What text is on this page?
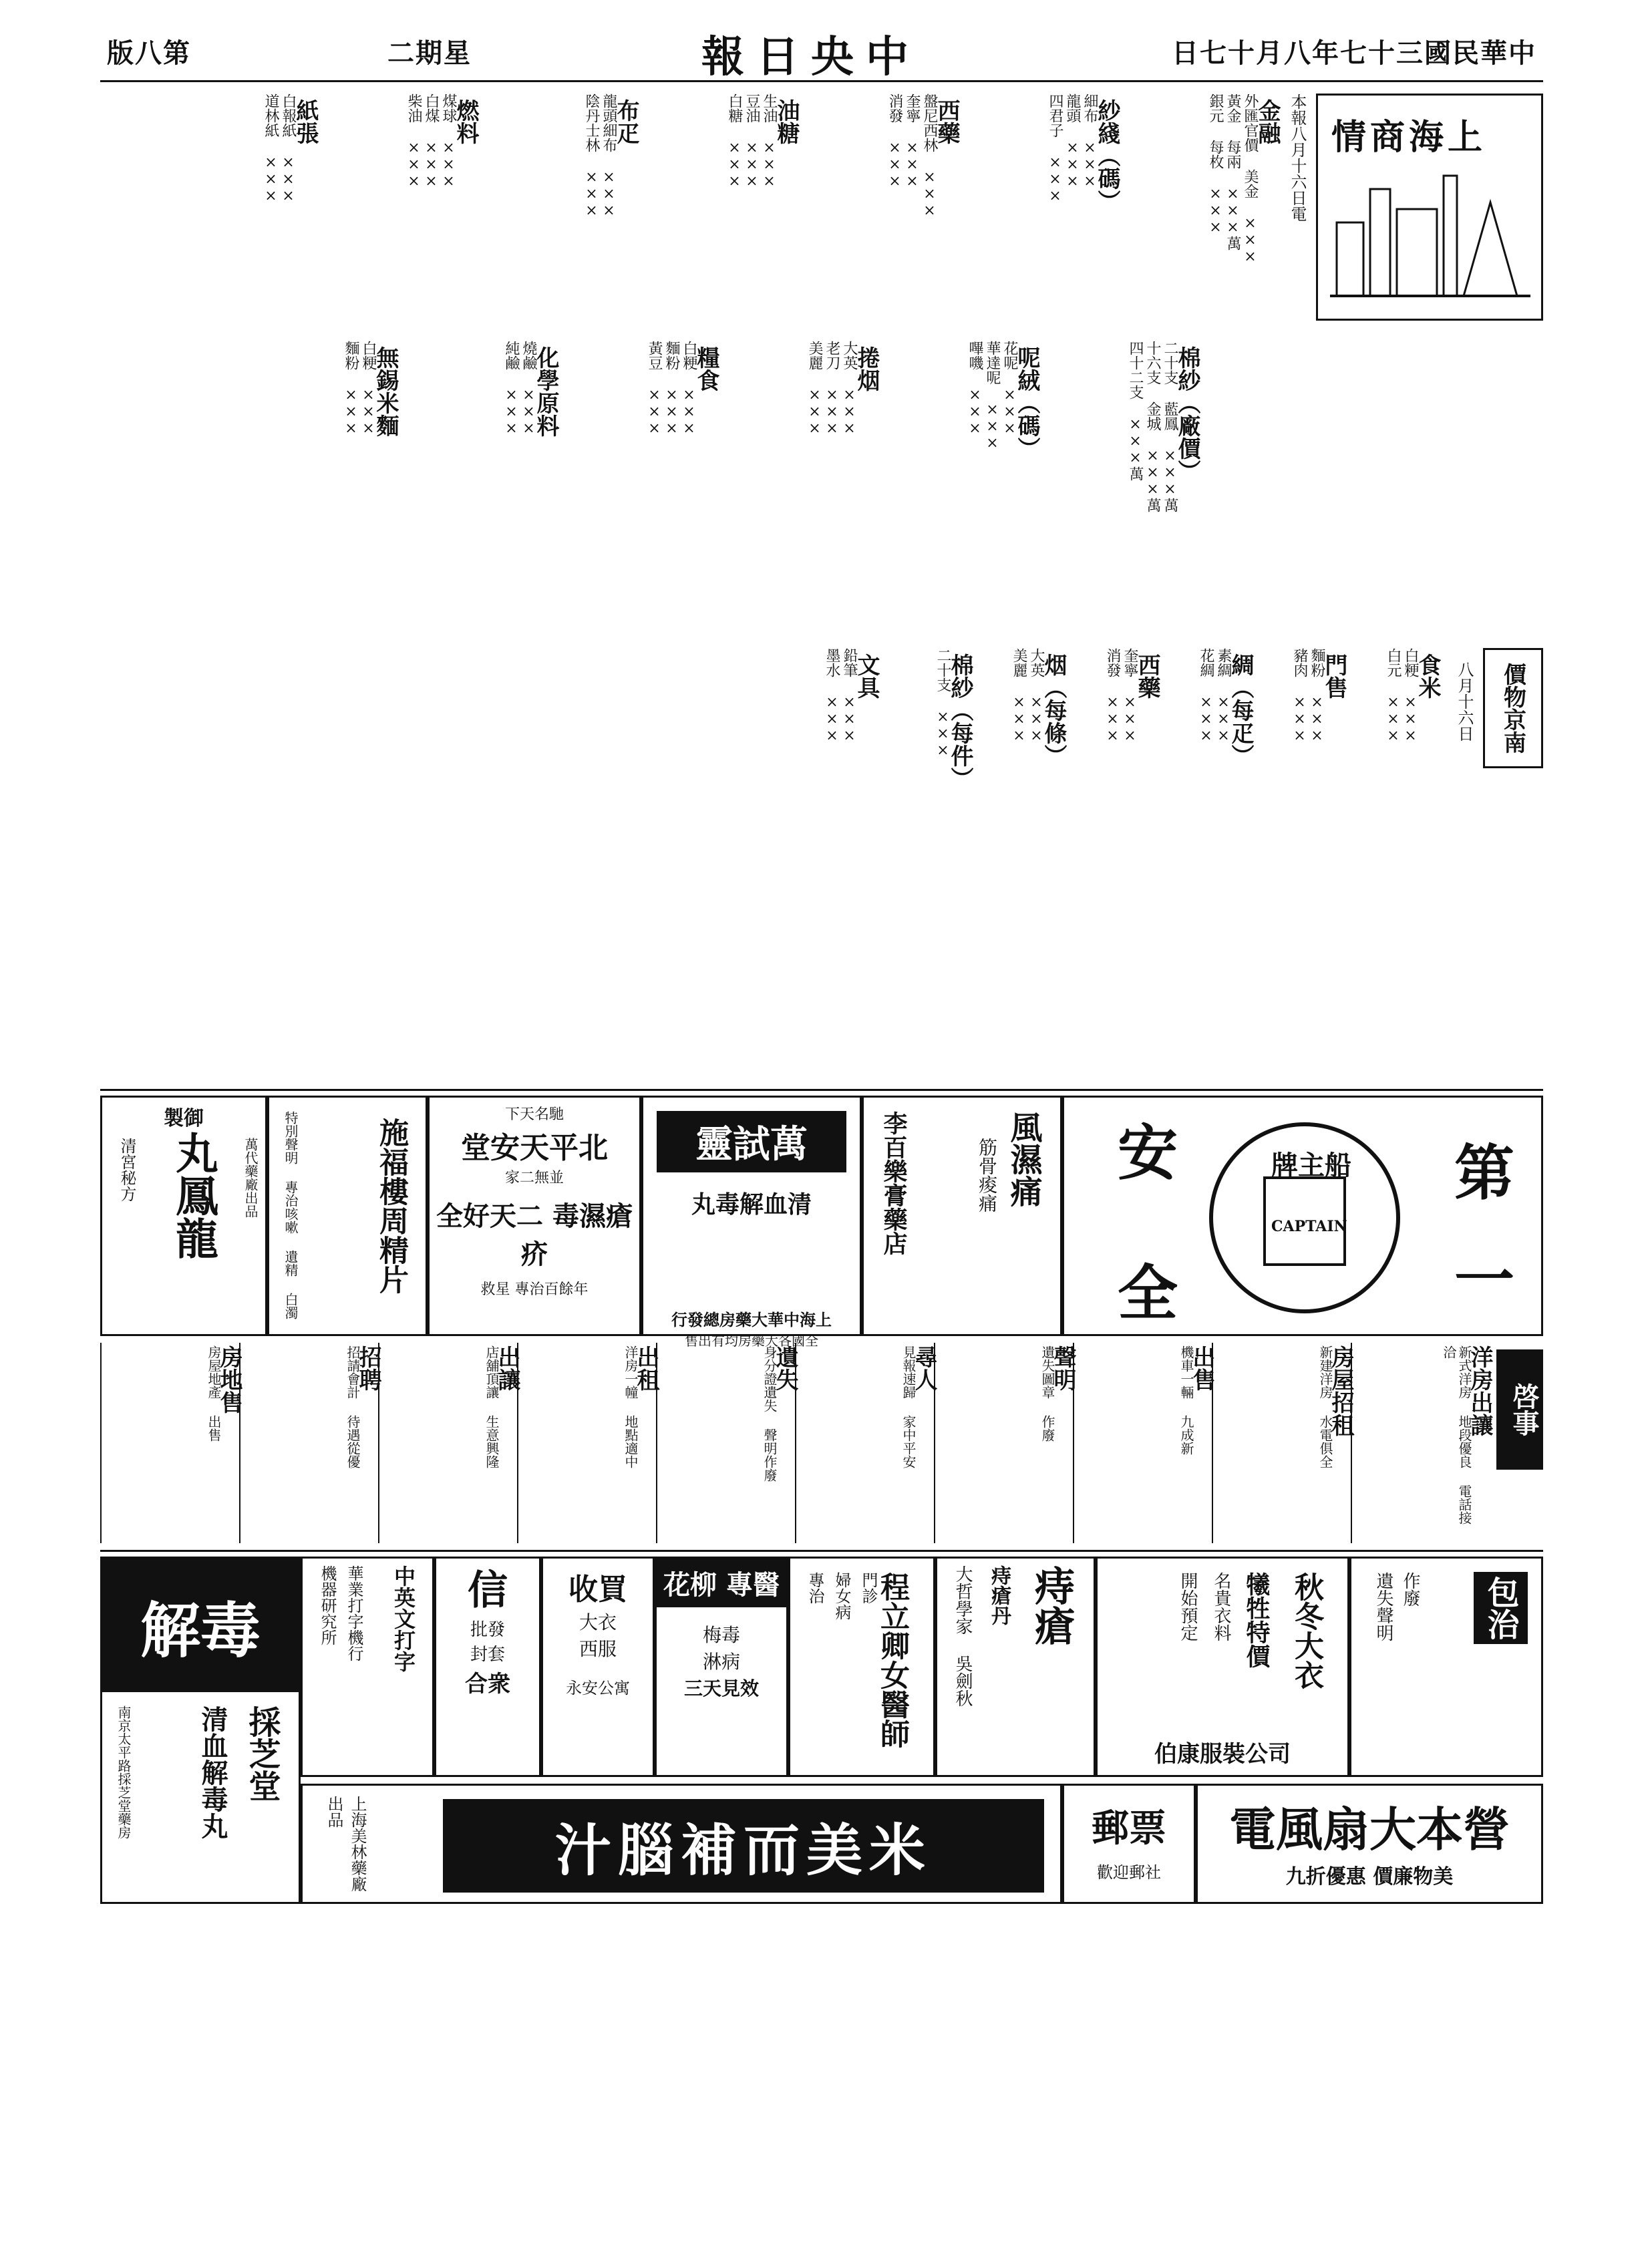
版八第	二期星	報日央中	日七十月八年七十三國民華中
情商海上
本報八月十六日電
金融
外匯官價 美金 ×××
黃金 每兩 ×××萬
銀元 每枚 ×××
棉紗（廠價）
二十支 藍鳳 ×××萬
十六支 金城 ×××萬
四十二支 ×××萬
紗綫（碼）
細布 ×××
龍頭 ×××
四君子 ×××
呢絨（碼）
花呢 ×××
華達呢 ×××
嗶嘰 ×××
西藥
盤尼西林 ×××
奎寧 ×××
消發 ×××
捲烟
大英 ×××
老刀 ×××
美麗 ×××
油糖
生油 ×××
豆油 ×××
白糖 ×××
糧食
白粳 ×××
麵粉 ×××
黃豆 ×××
布疋
龍頭細布 ×××
陰丹士林 ×××
化學原料
燒鹼 ×××
純鹼 ×××
燃料
煤球 ×××
白煤 ×××
柴油 ×××
無錫米麵
白粳 ×××
麵粉 ×××
紙張
白報紙 ×××
道林紙 ×××
價物京南
八月十六日
食米
白粳 ×××
白元 ×××
門售
麵粉 ×××
豬肉 ×××
綢（每疋）
素綢 ×××
花綢 ×××
西藥
奎寧 ×××
消發 ×××
烟（每條）
大英 ×××
美麗 ×××
棉紗（每件）
二十支 ×××
文具
鉛筆 ×××
墨水 ×××
製御
丸鳳龍
清宮秘方	萬代藥廠出品	施福樓周精片
特別聲明 專治咳嗽 遺精 白濁	下天名馳
堂安天平北
家二無並
全好天二 毒濕瘡疥
救星 專治百餘年
靈試萬
丸毒解血清
行發總房藥大華中海上
售出有均房藥大各國全
風濕痛
筋骨痠痛
李百樂膏藥店	牌主船
CAPTAIN
安
全
第
一
啓事
洋房出讓
新式洋房 地段優良 電話接洽
房屋招租
新建洋房 水電俱全
出售
機車一輛 九成新
聲明
遺失圖章 作廢
尋人
見報速歸 家中平安
遺失
身分證遺失 聲明作廢
出租
洋房一幢 地點適中
出讓
店舖頂讓 生意興隆
招聘
招請會計 待遇從優
房地售
房屋地產 出售
解毒
採芝堂
清血解毒丸
南京太平路採芝堂藥房
中英文打字
機器研究所 華業打字機行	信
批發
封套
合衆
收買
大衣
西服
永安公寓
花柳 專醫
梅毒
淋病
三天見效	程立卿女醫師
專治 婦女病 門診	痔瘡
大哲學家 吳劍秋 痔瘡丹	秋冬大衣
犧牲特價
名貴衣料
開始預定
伯康服裝公司
包治
遺失聲明 作廢
汁腦補而美米
上海美林藥廠出品	郵票
歡迎郵社
電風扇大本營
九折優惠 價廉物美
